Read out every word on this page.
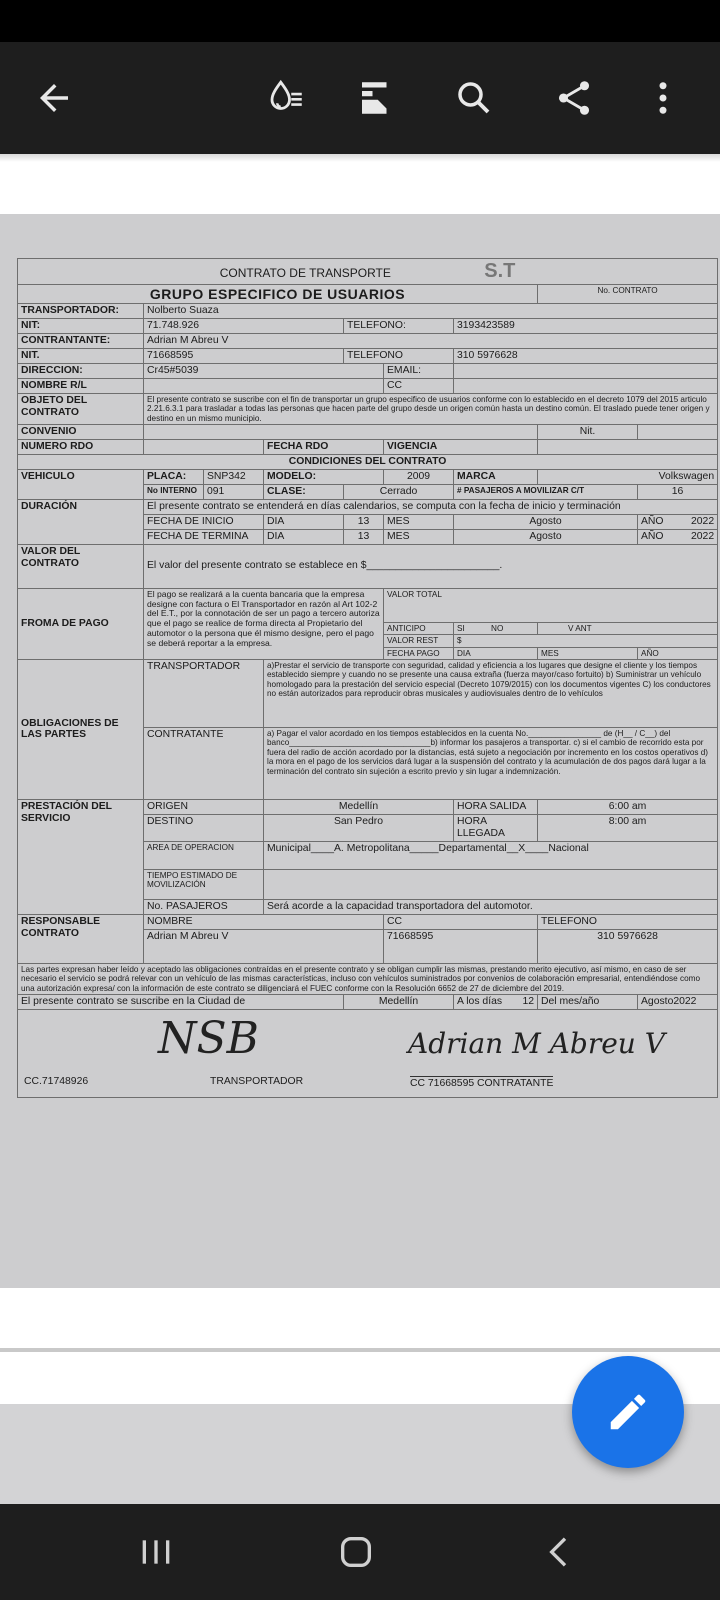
CONTRATO DE TRANSPORTE S.T								
GRUPO ESPECIFICO DE USUARIOS							No. CONTRATO	
TRANSPORTADOR:	Nolberto Suaza							
NIT:	71.748.926			TELEFONO:		3193423589		
CONTRANTANTE:	Adrian M Abreu V							
NIT.	71668595			TELEFONO		310 5976628		
DIRECCION:	Cr45#5039				EMAIL:			
NOMBRE R/L					CC			
OBJETO DEL CONTRATO	El presente contrato se suscribe con el fin de transportar un grupo especifico de usuarios conforme con lo establecido en el decreto 1079 del 2015 articulo 2.21.6.3.1 para trasladar a todas las personas que hacen parte del grupo desde un origen común hasta un destino común. El traslado puede tener origen y destino en un mismo municipio.							
CONVENIO							Nit.	
NUMERO RDO			FECHA RDO		VIGENCIA			
CONDICIONES DEL CONTRATO								
VEHICULO	PLACA:	SNP342	MODELO:		2009	MARCA	Volkswagen	
	No INTERNO	091	CLASE:	Cerrado		# PASAJEROS A MOVILIZAR C/T		16
DURACIÓN	El presente contrato se entenderá en días calendarios, se computa con la fecha de inicio y terminación							
	FECHA DE INICIO		DIA	13	MES	Agosto		AÑO 2022

	FECHA DE TERMINA		DIA	13	MES	Agosto		AÑO 2022

VALOR DEL CONTRATO	El valor del presente contrato se establece en $_______________________.							
FROMA DE PAGO	El pago se realizará a la cuenta bancaria que la empresa designe con factura o El Transportador en razón al Art 102-2 del E.T., por la connotación de ser un pago a tercero autoriza que el pago se realice de forma directa al Propietario del automotor o la persona que él mismo designe, pero el pago se deberá reportar a la empresa.				VALOR TOTAL			
					ANTICIPO	SI NO	V ANT	
					VALOR REST	$		
					FECHA PAGO	DIA	MES	AÑO
OBLIGACIONES DE LAS PARTES	TRANSPORTADOR		a)Prestar el servicio de transporte con seguridad, calidad y eficiencia a los lugares que designe el cliente y los tiempos establecido siempre y cuando no se presente una causa extraña (fuerza mayor/caso fortuito) b) Suministrar un vehículo homologado para la prestación del servicio especial (Decreto 1079/2015) con los documentos vigentes C) los conductores no están autorizados para reproducir obras musicales y audiovisuales dentro de lo vehículos					
	CONTRATANTE		a) Pagar el valor acordado en los tiempos establecidos en la cuenta No.________________ de (H__ / C__) del banco_______________________________b) informar los pasajeros a transportar. c) si el cambio de recorrido esta por fuera del radio de acción acordado por la distancias, está sujeto a negociación por incremento en los costos operativos d) la mora en el pago de los servicios dará lugar a la suspensión del contrato y la acumulación de dos pagos dará lugar a la terminación del contrato sin sujeción a escrito previo y sin lugar a indemnización.					
PRESTACIÓN DEL SERVICIO	ORIGEN		Medellín			HORA SALIDA	6:00 am	
	DESTINO		San Pedro			HORA LLEGADA	8:00 am	
	AREA DE OPERACION		Municipal____A. Metropolitana_____Departamental__X____Nacional					
	TIEMPO ESTIMADO DE MOVILIZACIÓN							
	No. PASAJEROS		Será acorde a la capacidad transportadora del automotor.					
RESPONSABLE CONTRATO	NOMBRE				CC		TELEFONO	
	Adrian M Abreu V				71668595		310 5976628	
Las partes expresan haber leído y aceptado las obligaciones contraídas en el presente contrato y se obligan cumplir las mismas, prestando merito ejecutivo, así mismo, en caso de ser necesario el servicio se podrá relevar con un vehículo de las mismas características, incluso con vehículos suministrados por convenios de colaboración empresarial, entendiéndose como una autorización expresa/ con la información de este contrato se diligenciará el FUEC conforme con la Resolución 6652 de 27 de diciembre del 2019.								
El presente contrato se suscribe en la Ciudad de				Medellín		A los días 12	Del mes/año	Agosto2022

NSB Adrian M Abreu V
CC.71748926 TRANSPORTADOR CC 71668595 CONTRATANTE								
